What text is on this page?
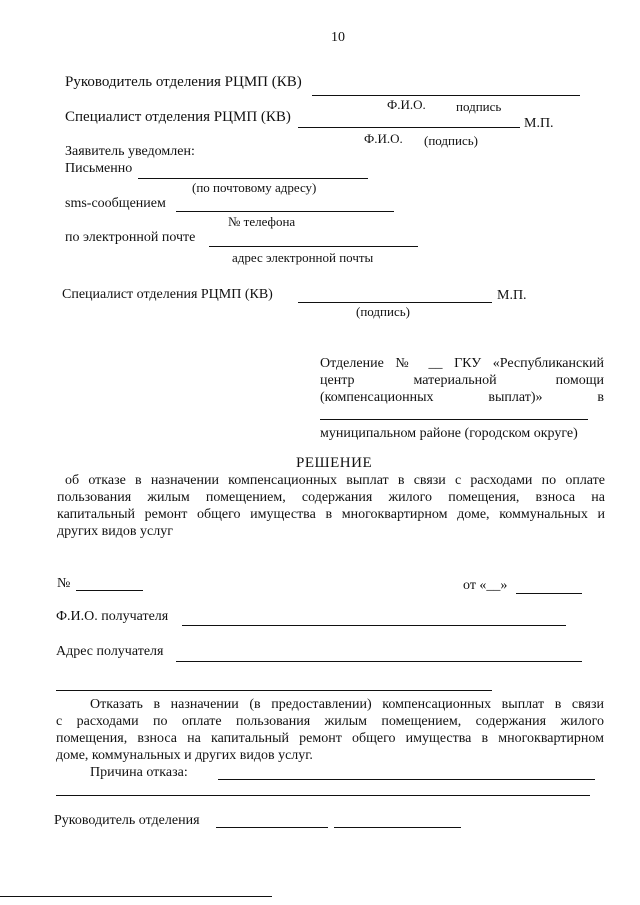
10
Руководитель отделения РЦМП (КВ)
Ф.И.О. подпись
Специалист отделения РЦМП (КВ)	М.П.
Ф.И.О. (подпись)
Заявитель уведомлен:
Письменно
(по почтовому адресу)
sms-сообщением
№ телефона
по электронной почте
адрес электронной почты
Специалист отделения РЦМП (КВ)	М.П.
(подпись)
Отделение № __ ГКУ «Республиканский
центр	материальной	помощи
(компенсационных	выплат)»	в
муниципальном районе (городском округе)
РЕШЕНИЕ
об отказе в назначении компенсационных выплат в связи с расходами по оплате
пользования жилым помещением, содержания жилого помещения, взноса на
капитальный ремонт общего имущества в многоквартирном доме, коммунальных и
других видов услуг
№	от «__»
Ф.И.О. получателя
Адрес получателя
Отказать в назначении (в предоставлении) компенсационных выплат в связи
с расходами по оплате пользования жилым помещением, содержания жилого
помещения, взноса на капитальный ремонт общего имущества в многоквартирном
доме, коммунальных и других видов услуг.
Причина отказа:
Руководитель отделения
